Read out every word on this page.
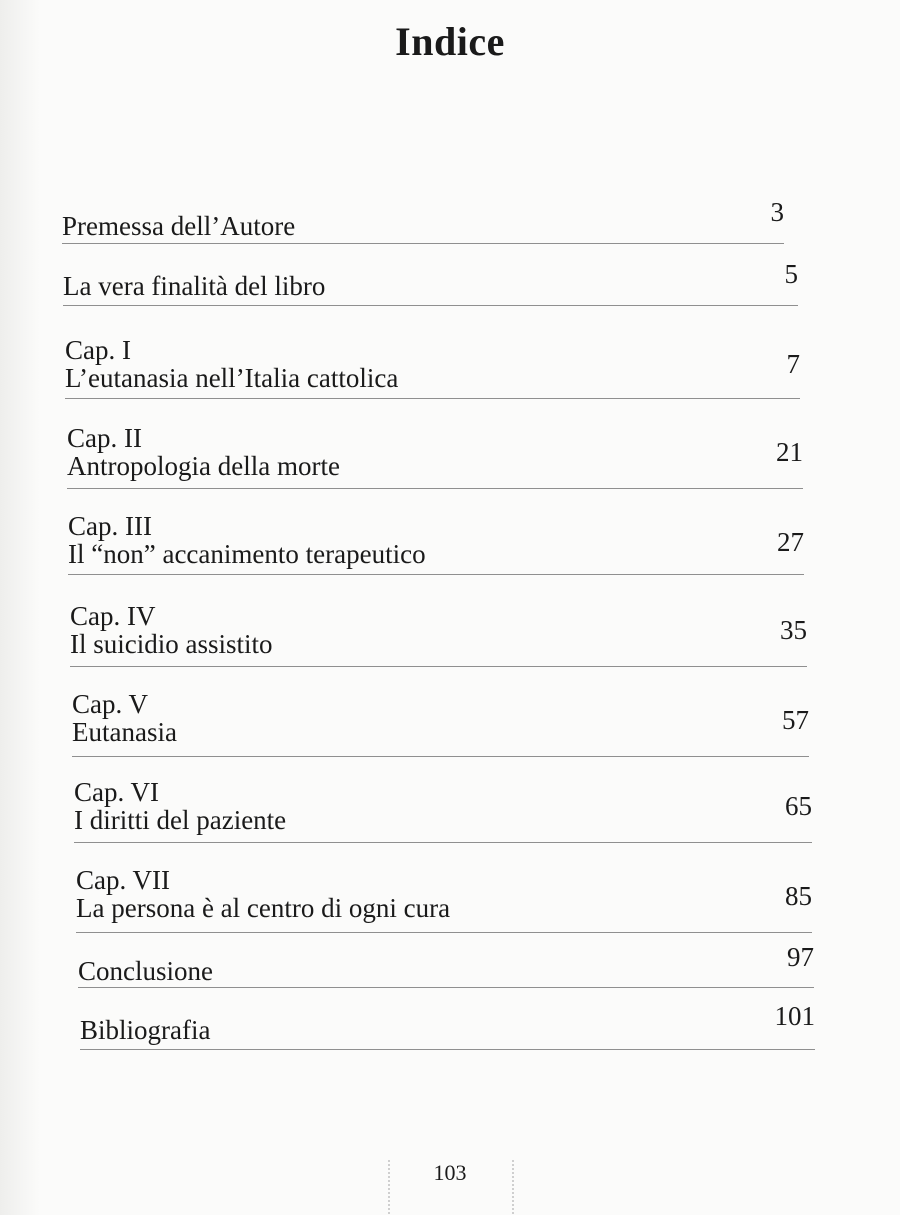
Indice
Premessa dell’Autore	3
La vera finalità del libro	5
Cap. I
L’eutanasia nell’Italia cattolica	7
Cap. II
Antropologia della morte	21
Cap. III
Il “non” accanimento terapeutico	27
Cap. IV
Il suicidio assistito	35
Cap. V
Eutanasia	57
Cap. VI
I diritti del paziente	65
Cap. VII
La persona è al centro di ogni cura	85
Conclusione	97
Bibliografia	101
103
